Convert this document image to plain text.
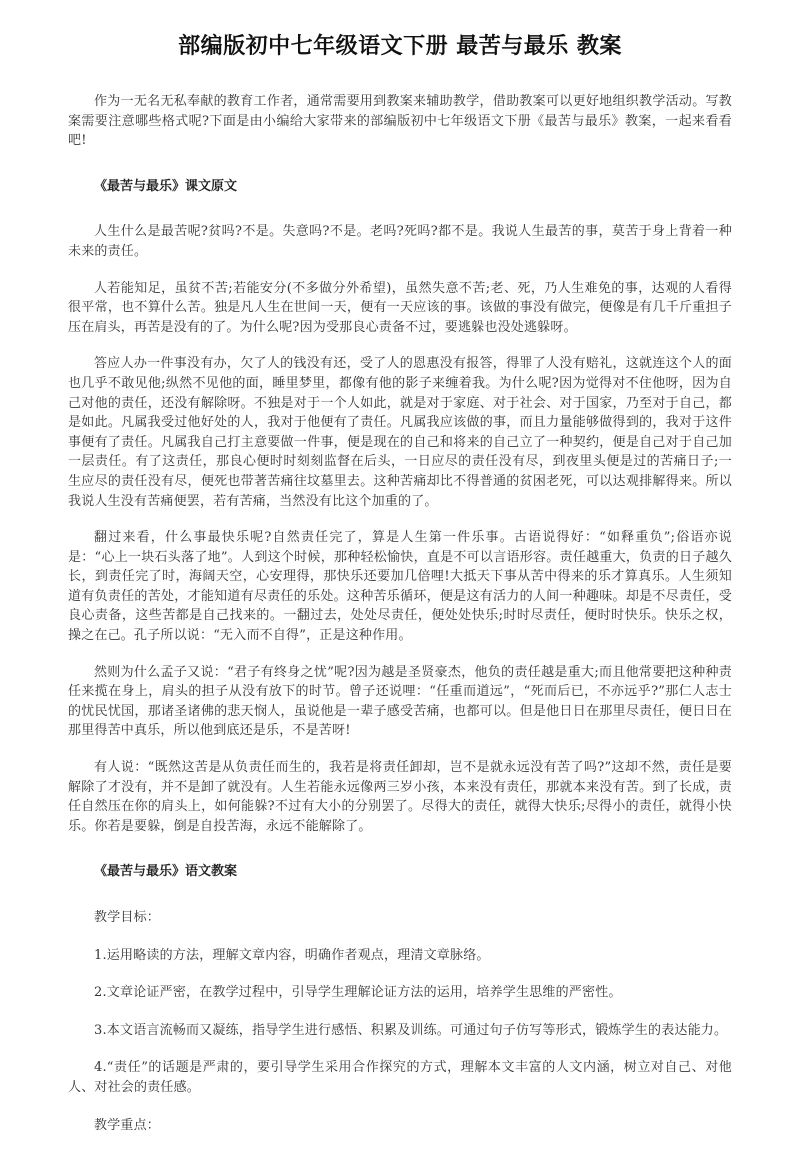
部编版初中七年级语文下册 最苦与最乐 教案

作为一无名无私奉献的教育工作者，通常需要用到教案来辅助教学，借助教案可以更好地组织教学活动。写教案需要注意哪些格式呢?下面是由小编给大家带来的部编版初中七年级语文下册《最苦与最乐》教案，一起来看看吧!

《最苦与最乐》课文原文

人生什么是最苦呢?贫吗?不是。失意吗?不是。老吗?死吗?都不是。我说人生最苦的事，莫苦于身上背着一种未来的责任。

人若能知足，虽贫不苦;若能安分(不多做分外希望)，虽然失意不苦;老、死，乃人生难免的事，达观的人看得很平常，也不算什么苦。独是凡人生在世间一天，便有一天应该的事。该做的事没有做完，便像是有几千斤重担子压在肩头，再苦是没有的了。为什么呢?因为受那良心责备不过，要逃躲也没处逃躲呀。

答应人办一件事没有办，欠了人的钱没有还，受了人的恩惠没有报答，得罪了人没有赔礼，这就连这个人的面也几乎不敢见他;纵然不见他的面，睡里梦里，都像有他的影子来缠着我。为什么呢?因为觉得对不住他呀，因为自己对他的责任，还没有解除呀。不独是对于一个人如此，就是对于家庭、对于社会、对于国家，乃至对于自己，都是如此。凡属我受过他好处的人，我对于他便有了责任。凡属我应该做的事，而且力量能够做得到的，我对于这件事便有了责任。凡属我自己打主意要做一件事，便是现在的自己和将来的自己立了一种契约，便是自己对于自己加一层责任。有了这责任，那良心便时时刻刻监督在后头，一日应尽的责任没有尽，到夜里头便是过的苦痛日子;一生应尽的责任没有尽，便死也带著苦痛往坟墓里去。这种苦痛却比不得普通的贫困老死，可以达观排解得来。所以我说人生没有苦痛便罢，若有苦痛，当然没有比这个加重的了。

翻过来看，什么事最快乐呢?自然责任完了，算是人生第一件乐事。古语说得好：“如释重负”;俗语亦说是：“心上一块石头落了地”。人到这个时候，那种轻松愉快，直是不可以言语形容。责任越重大，负责的日子越久长，到责任完了时，海阔天空，心安理得，那快乐还要加几倍哩!大抵天下事从苦中得来的乐才算真乐。人生须知道有负责任的苦处，才能知道有尽责任的乐处。这种苦乐循环，便是这有活力的人间一种趣味。却是不尽责任，受良心责备，这些苦都是自己找来的。一翻过去，处处尽责任，便处处快乐;时时尽责任，便时时快乐。快乐之权，操之在己。孔子所以说：“无入而不自得”，正是这种作用。

然则为什么孟子又说：“君子有终身之忧”呢?因为越是圣贤豪杰，他负的责任越是重大;而且他常要把这种种责任来揽在身上，肩头的担子从没有放下的时节。曾子还说哩：“任重而道远”，“死而后已，不亦远乎?”那仁人志士的忧民忧国，那诸圣诸佛的悲天悯人，虽说他是一辈子感受苦痛，也都可以。但是他日日在那里尽责任，便日日在那里得苦中真乐，所以他到底还是乐，不是苦呀!

有人说：“既然这苦是从负责任而生的，我若是将责任卸却，岂不是就永远没有苦了吗?”这却不然，责任是要解除了才没有，并不是卸了就没有。人生若能永远像两三岁小孩，本来没有责任，那就本来没有苦。到了长成，责任自然压在你的肩头上，如何能躲?不过有大小的分别罢了。尽得大的责任，就得大快乐;尽得小的责任，就得小快乐。你若是要躲，倒是自投苦海，永远不能解除了。

《最苦与最乐》语文教案

教学目标：

1.运用略读的方法，理解文章内容，明确作者观点，理清文章脉络。

2.文章论证严密，在教学过程中，引导学生理解论证方法的运用，培养学生思维的严密性。

3.本文语言流畅而又凝练，指导学生进行感悟、积累及训练。可通过句子仿写等形式，锻炼学生的表达能力。

4.“责任”的话题是严肃的，要引导学生采用合作探究的方式，理解本文丰富的人文内涵，树立对自己、对他人、对社会的责任感。

教学重点：
